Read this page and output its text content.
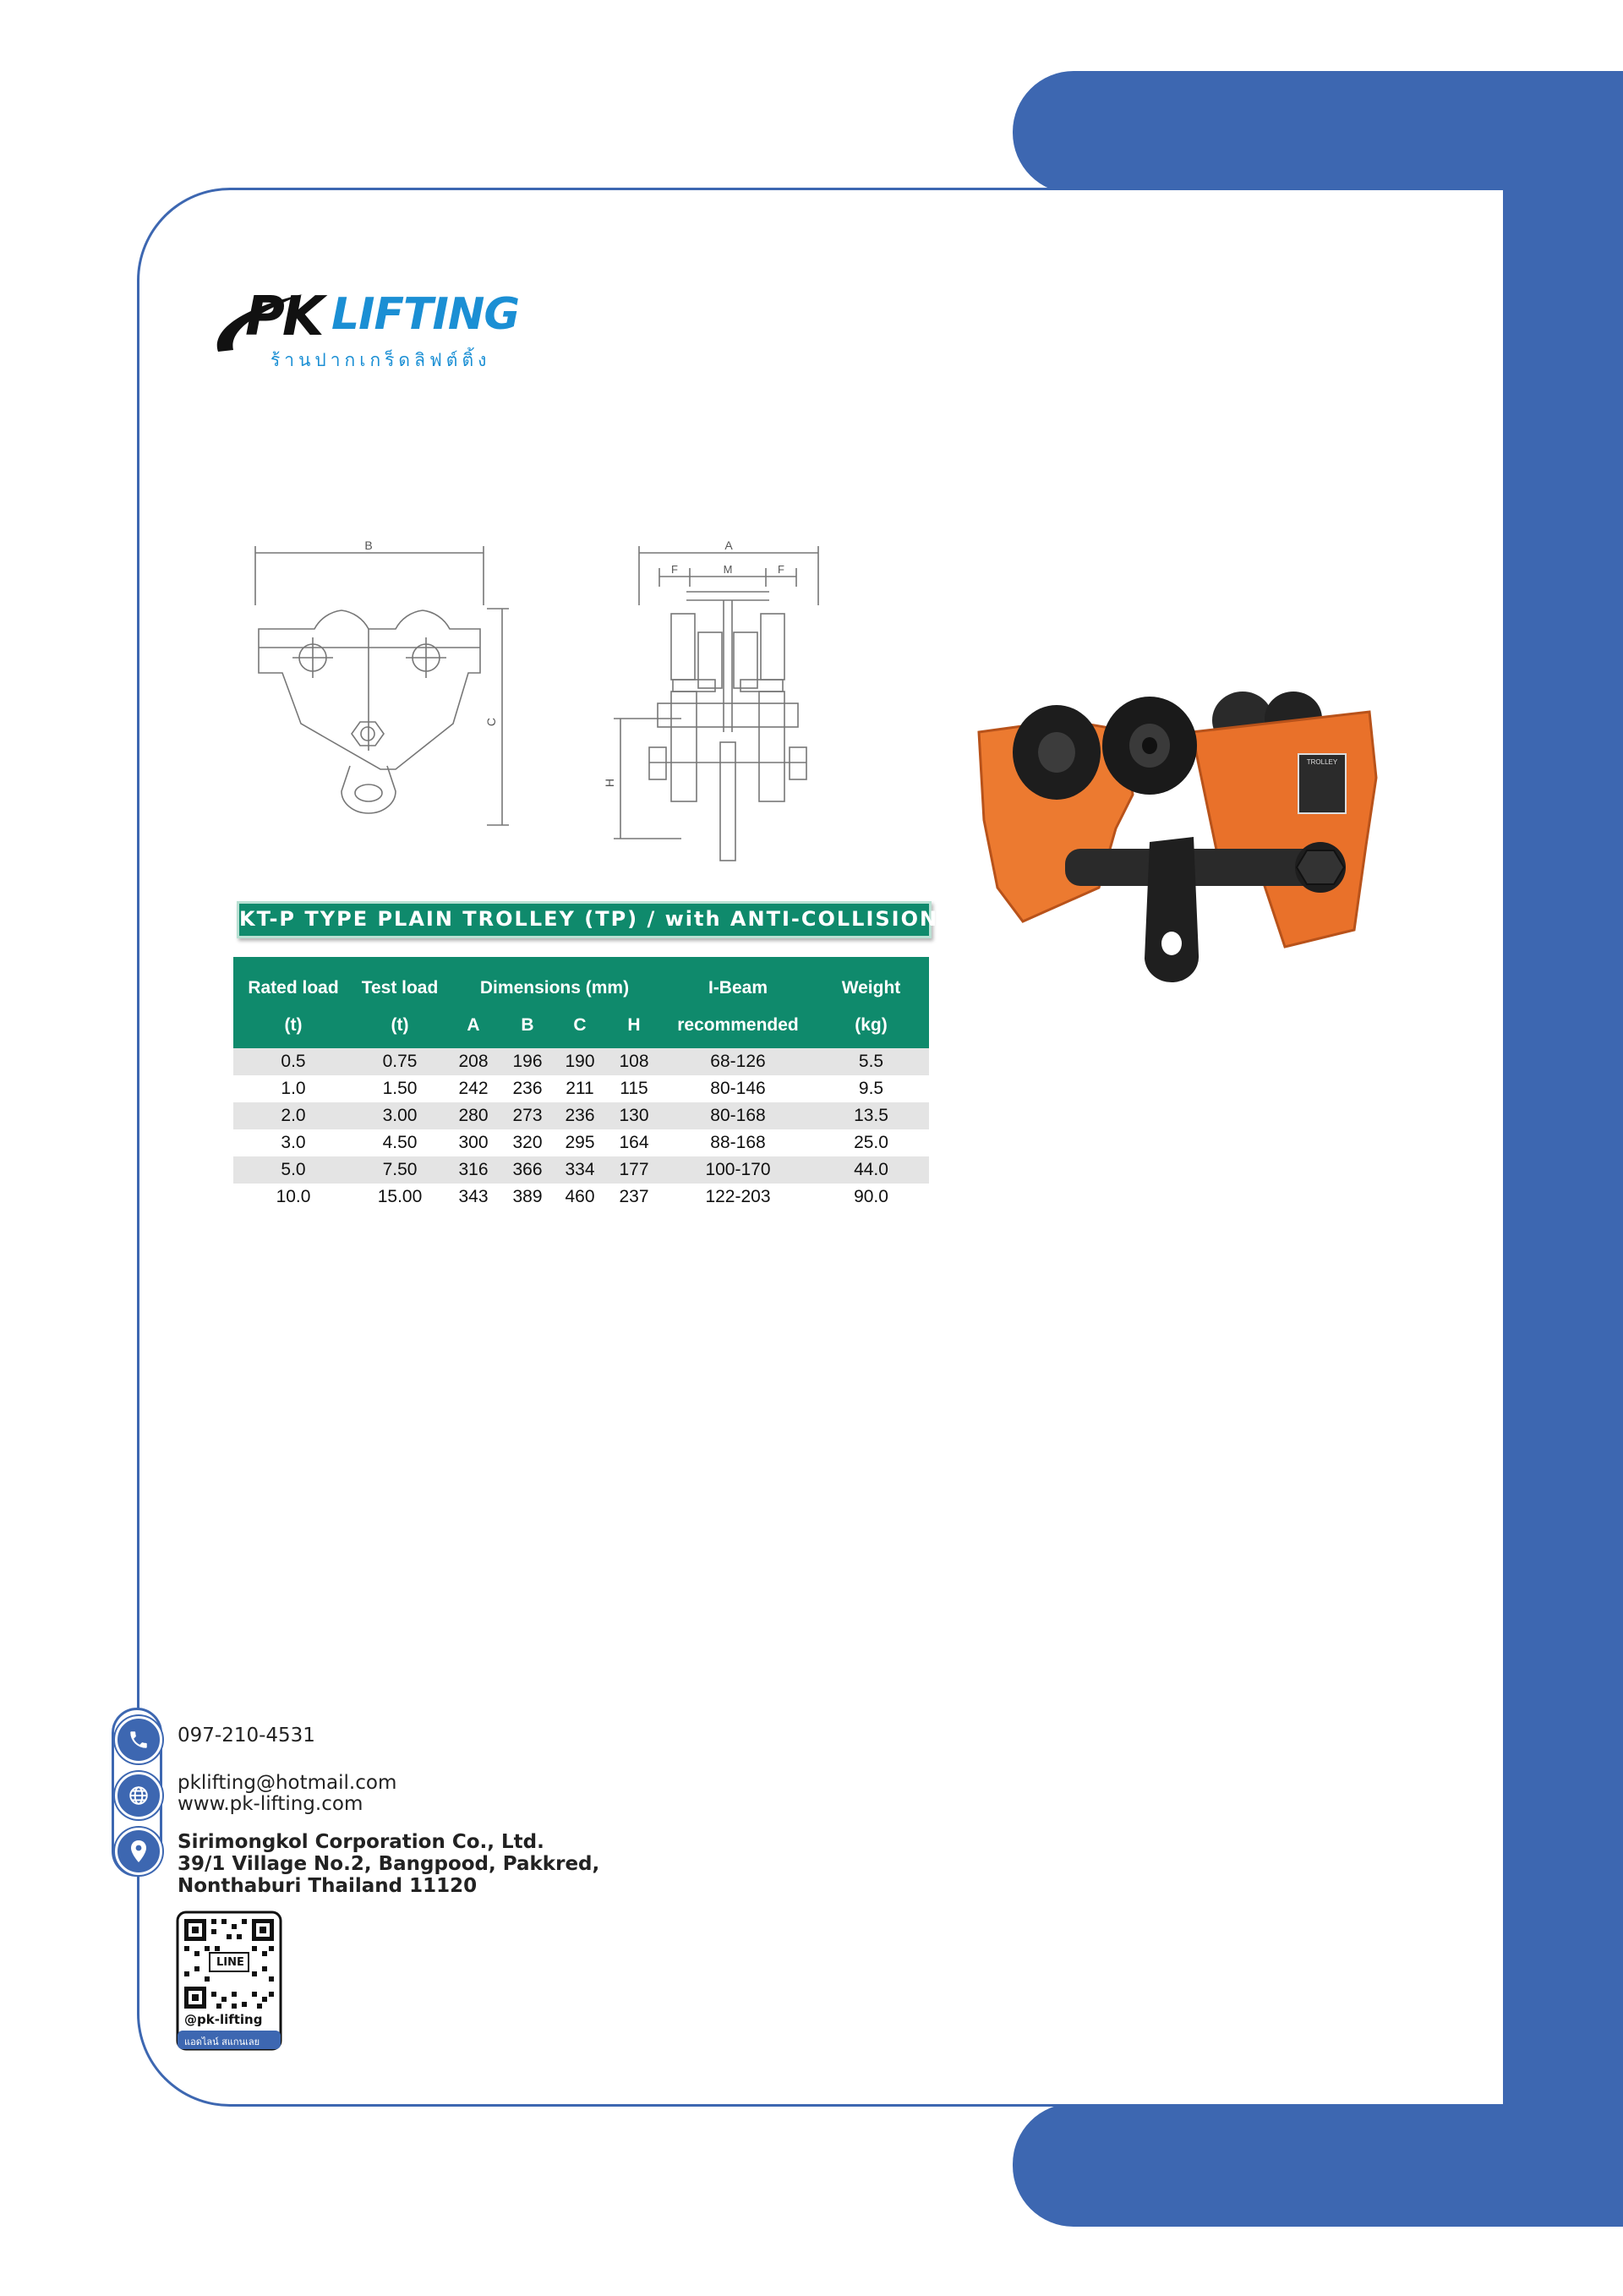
PK LIFTING
ร้านปากเกร็ดลิฟต์ติ้ง
B
C
A
F	M	F
H
KT-P TYPE PLAIN TROLLEY (TP) / with ANTI-COLLISION
Rated load	Test load	Dimensions (mm)				I-Beam	Weight
(t)	(t)	A	B	C	H	recommended	(kg)
0.5	0.75	208	196	190	108	68-126	5.5
1.0	1.50	242	236	211	115	80-146	9.5
2.0	3.00	280	273	236	130	80-168	13.5
3.0	4.50	300	320	295	164	88-168	25.0
5.0	7.50	316	366	334	177	100-170	44.0
10.0	15.00	343	389	460	237	122-203	90.0
TROLLEY
097-210-4531
pklifting@hotmail.com
www.pk-lifting.com
Sirimongkol Corporation Co., Ltd.
39/1 Village No.2, Bangpood, Pakkred,
Nonthaburi Thailand 11120
LINE
@pk-lifting
แอดไลน์ สแกนเลย
